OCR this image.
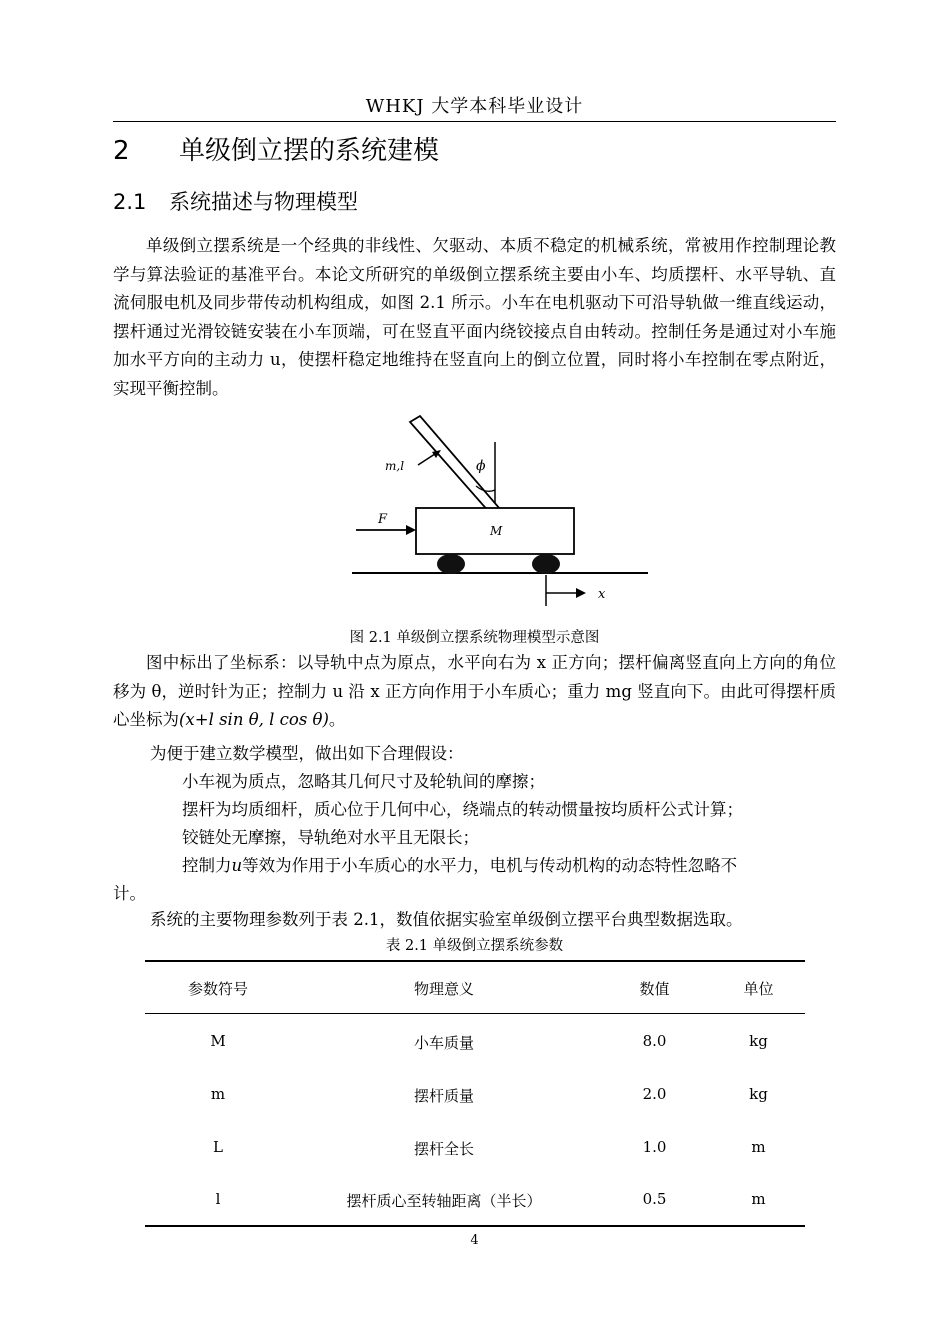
WHKJ 大学本科毕业设计
2 单级倒立摆的系统建模
2.1 系统描述与物理模型
单级倒立摆系统是一个经典的非线性、欠驱动、本质不稳定的机械系统，常被用作控制理论教学与算法验证的基准平台。本论文所研究的单级倒立摆系统主要由小车、均质摆杆、水平导轨、直流伺服电机及同步带传动机构组成，如图 2.1 所示。小车在电机驱动下可沿导轨做一维直线运动，摆杆通过光滑铰链安装在小车顶端，可在竖直平面内绕铰接点自由转动。控制任务是通过对小车施加水平方向的主动力 u，使摆杆稳定地维持在竖直向上的倒立位置，同时将小车控制在零点附近，实现平衡控制。
m,l	ϕ
F
M
x
图 2.1 单级倒立摆系统物理模型示意图
图中标出了坐标系：以导轨中点为原点，水平向右为 x 正方向；摆杆偏离竖直向上方向的角位移为 θ，逆时针为正；控制力 u 沿 x 正方向作用于小车质心；重力 mg 竖直向下。由此可得摆杆质心坐标为(x+l sin θ, l cos θ)。
为便于建立数学模型，做出如下合理假设：
小车视为质点，忽略其几何尺寸及轮轨间的摩擦；
摆杆为均质细杆，质心位于几何中心，绕端点的转动惯量按均质杆公式计算；
铰链处无摩擦，导轨绝对水平且无限长；
控制力u等效为作用于小车质心的水平力，电机与传动机构的动态特性忽略不
计。
系统的主要物理参数列于表 2.1，数值依据实验室单级倒立摆平台典型数据选取。
表 2.1 单级倒立摆系统参数
参数符号	物理意义	数值	单位
M	小车质量	8.0	kg
m	摆杆质量	2.0	kg
L	摆杆全长	1.0	m
l	摆杆质心至转轴距离（半长）	0.5	m
4
